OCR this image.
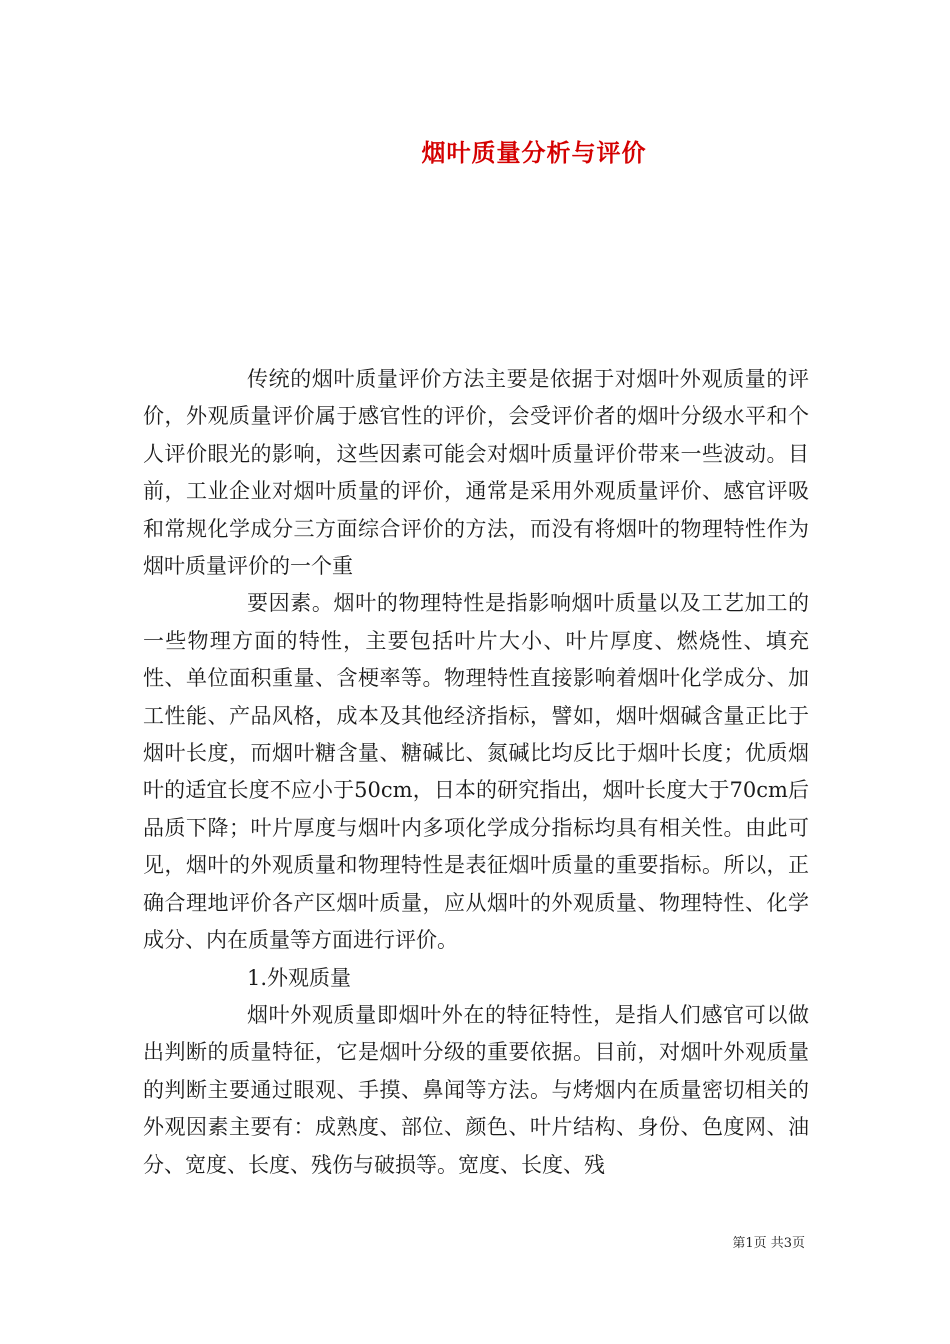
烟叶质量分析与评价

传统的烟叶质量评价方法主要是依据于对烟叶外观质量的评价，外观质量评价属于感官性的评价，会受评价者的烟叶分级水平和个人评价眼光的影响，这些因素可能会对烟叶质量评价带来一些波动。目前，工业企业对烟叶质量的评价，通常是采用外观质量评价、感官评吸和常规化学成分三方面综合评价的方法，而没有将烟叶的物理特性作为烟叶质量评价的一个重

要因素。烟叶的物理特性是指影响烟叶质量以及工艺加工的一些物理方面的特性，主要包括叶片大小、叶片厚度、燃烧性、填充性、单位面积重量、含梗率等。物理特性直接影响着烟叶化学成分、加工性能、产品风格，成本及其他经济指标，譬如，烟叶烟碱含量正比于烟叶长度，而烟叶糖含量、糖碱比、氮碱比均反比于烟叶长度；优质烟叶的适宜长度不应小于50cm，日本的研究指出，烟叶长度大于70cm后品质下降；叶片厚度与烟叶内多项化学成分指标均具有相关性。由此可见，烟叶的外观质量和物理特性是表征烟叶质量的重要指标。所以，正确合理地评价各产区烟叶质量，应从烟叶的外观质量、物理特性、化学成分、内在质量等方面进行评价。

1.外观质量

烟叶外观质量即烟叶外在的特征特性，是指人们感官可以做出判断的质量特征，它是烟叶分级的重要依据。目前，对烟叶外观质量的判断主要通过眼观、手摸、鼻闻等方法。与烤烟内在质量密切相关的外观因素主要有：成熟度、部位、颜色、叶片结构、身份、色度网、油分、宽度、长度、残伤与破损等。宽度、长度、残

第1页 共3页
